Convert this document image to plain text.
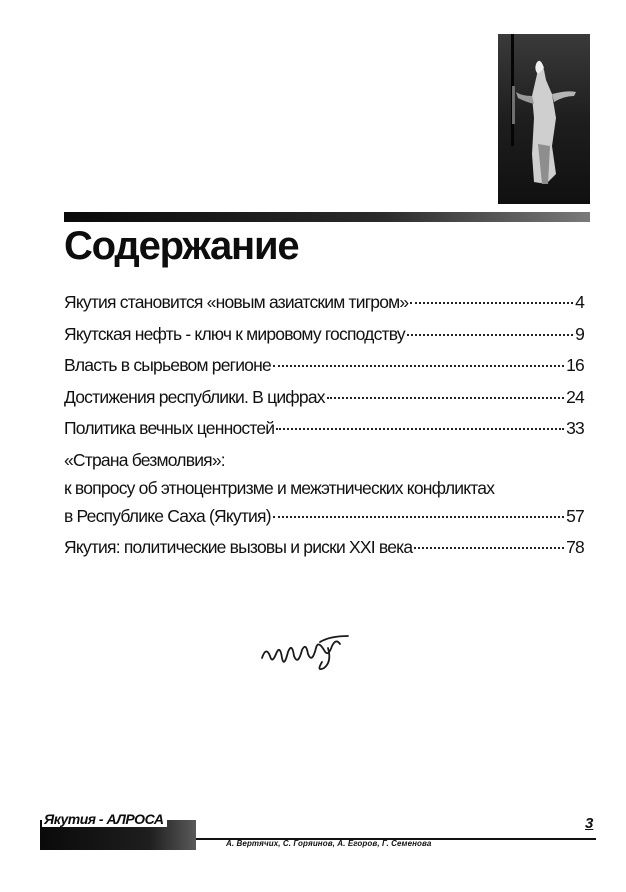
Содержание
Якутия становится «новым азиатским тигром»	4
Якутская нефть - ключ к мировому господству	9
Власть в сырьевом регионе	16
Достижения республики. В цифрах	24
Политика вечных ценностей	33
«Страна безмолвия»:
к вопросу об этноцентризме и межэтнических конфликтах
в Республике Саха (Якутия)	57
Якутия: политические вызовы и риски XXI века	78
Якутия - АЛРОСА
А. Вертячих, С. Горяинов, А. Егоров, Г. Семенова
3
